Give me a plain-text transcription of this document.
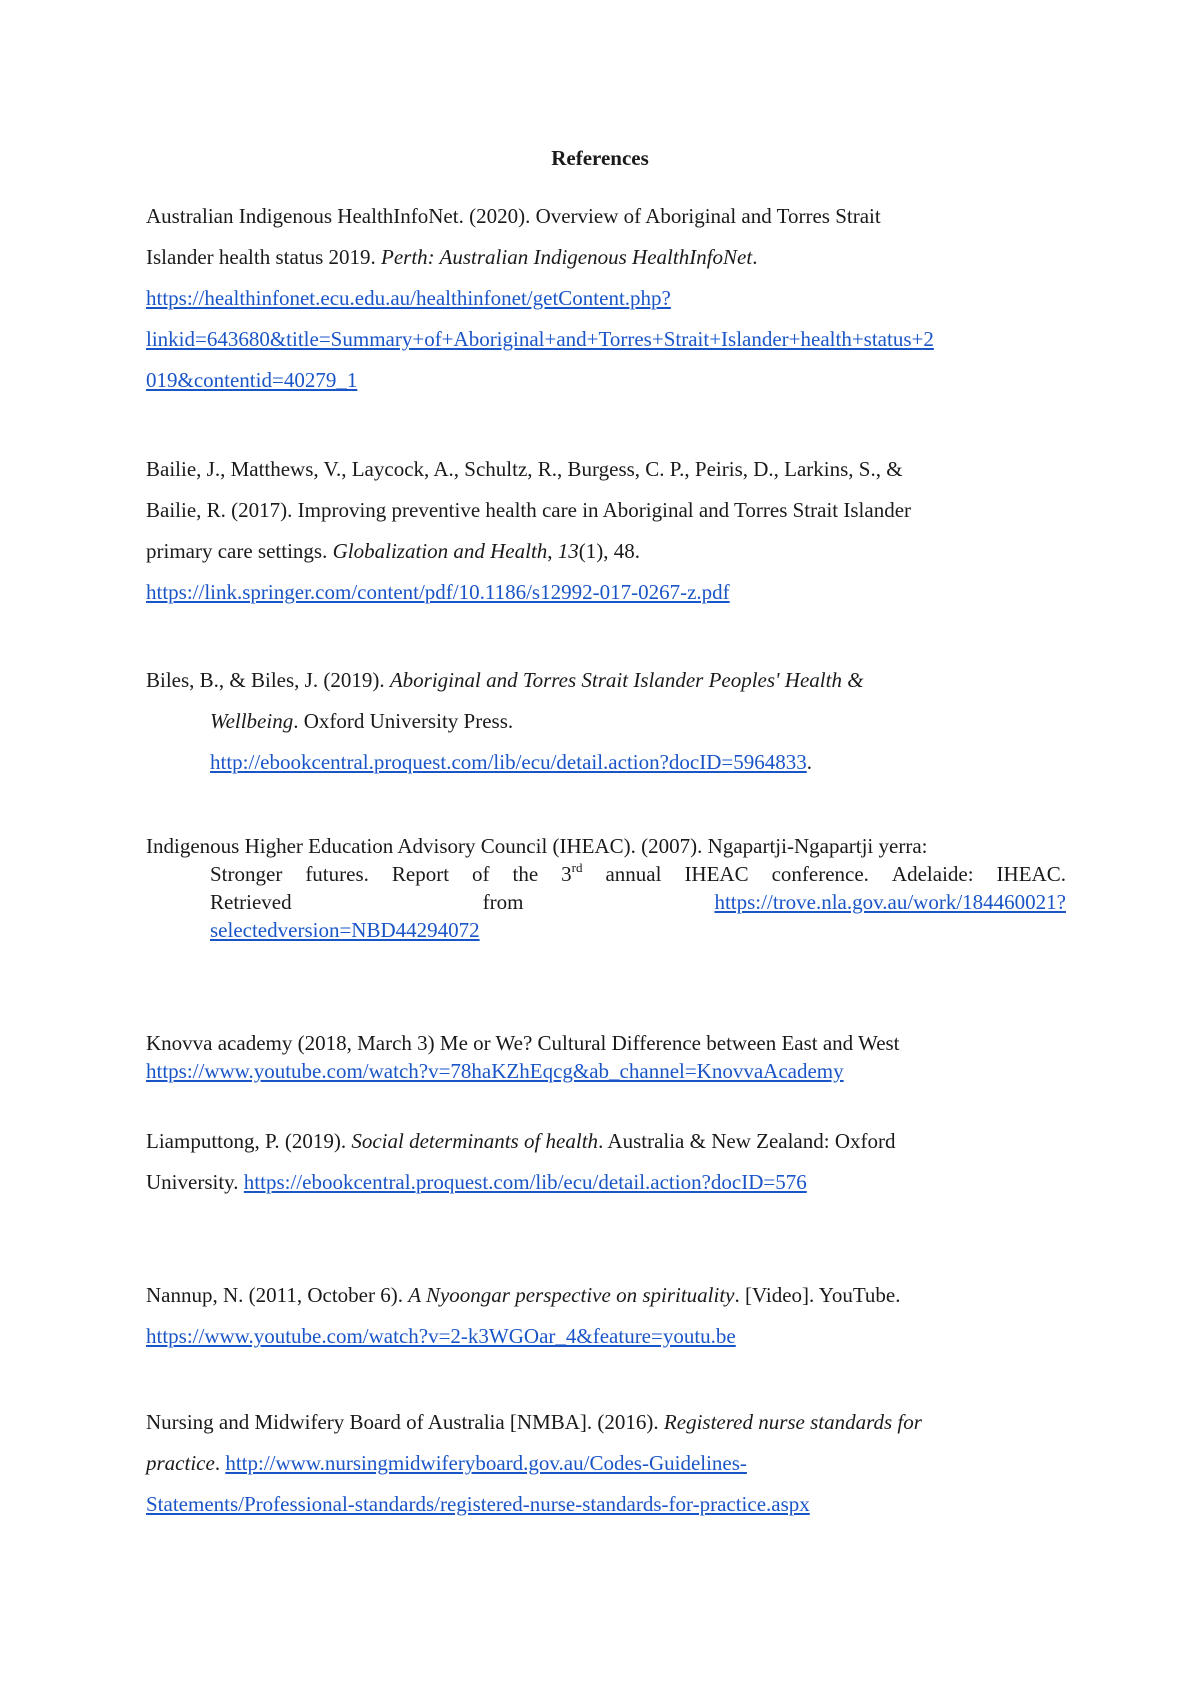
References
Australian Indigenous HealthInfoNet. (2020). Overview of Aboriginal and Torres Strait
Islander health status 2019. Perth: Australian Indigenous HealthInfoNet.
https://healthinfonet.ecu.edu.au/healthinfonet/getContent.php?
linkid=643680&title=Summary+of+Aboriginal+and+Torres+Strait+Islander+health+status+2
019&contentid=40279_1
Bailie, J., Matthews, V., Laycock, A., Schultz, R., Burgess, C. P., Peiris, D., Larkins, S., &
Bailie, R. (2017). Improving preventive health care in Aboriginal and Torres Strait Islander
primary care settings. Globalization and Health, 13(1), 48.
https://link.springer.com/content/pdf/10.1186/s12992-017-0267-z.pdf
Biles, B., & Biles, J. (2019). Aboriginal and Torres Strait Islander Peoples' Health &
Wellbeing. Oxford University Press.
http://ebookcentral.proquest.com/lib/ecu/detail.action?docID=5964833.
Indigenous Higher Education Advisory Council (IHEAC). (2007). Ngapartji-Ngapartji yerra:
Stronger futures. Report of the 3rd annual IHEAC conference. Adelaide: IHEAC.
Retrieved	from	https://trove.nla.gov.au/work/184460021?
selectedversion=NBD44294072
Knovva academy (2018, March 3) Me or We? Cultural Difference between East and West
https://www.youtube.com/watch?v=78haKZhEqcg&ab_channel=KnovvaAcademy
Liamputtong, P. (2019). Social determinants of health. Australia & New Zealand: Oxford
University. https://ebookcentral.proquest.com/lib/ecu/detail.action?docID=576
Nannup, N. (2011, October 6). A Nyoongar perspective on spirituality. [Video]. YouTube.
https://www.youtube.com/watch?v=2-k3WGOar_4&feature=youtu.be
Nursing and Midwifery Board of Australia [NMBA]. (2016). Registered nurse standards for
practice. http://www.nursingmidwiferyboard.gov.au/Codes-Guidelines-
Statements/Professional-standards/registered-nurse-standards-for-practice.aspx
